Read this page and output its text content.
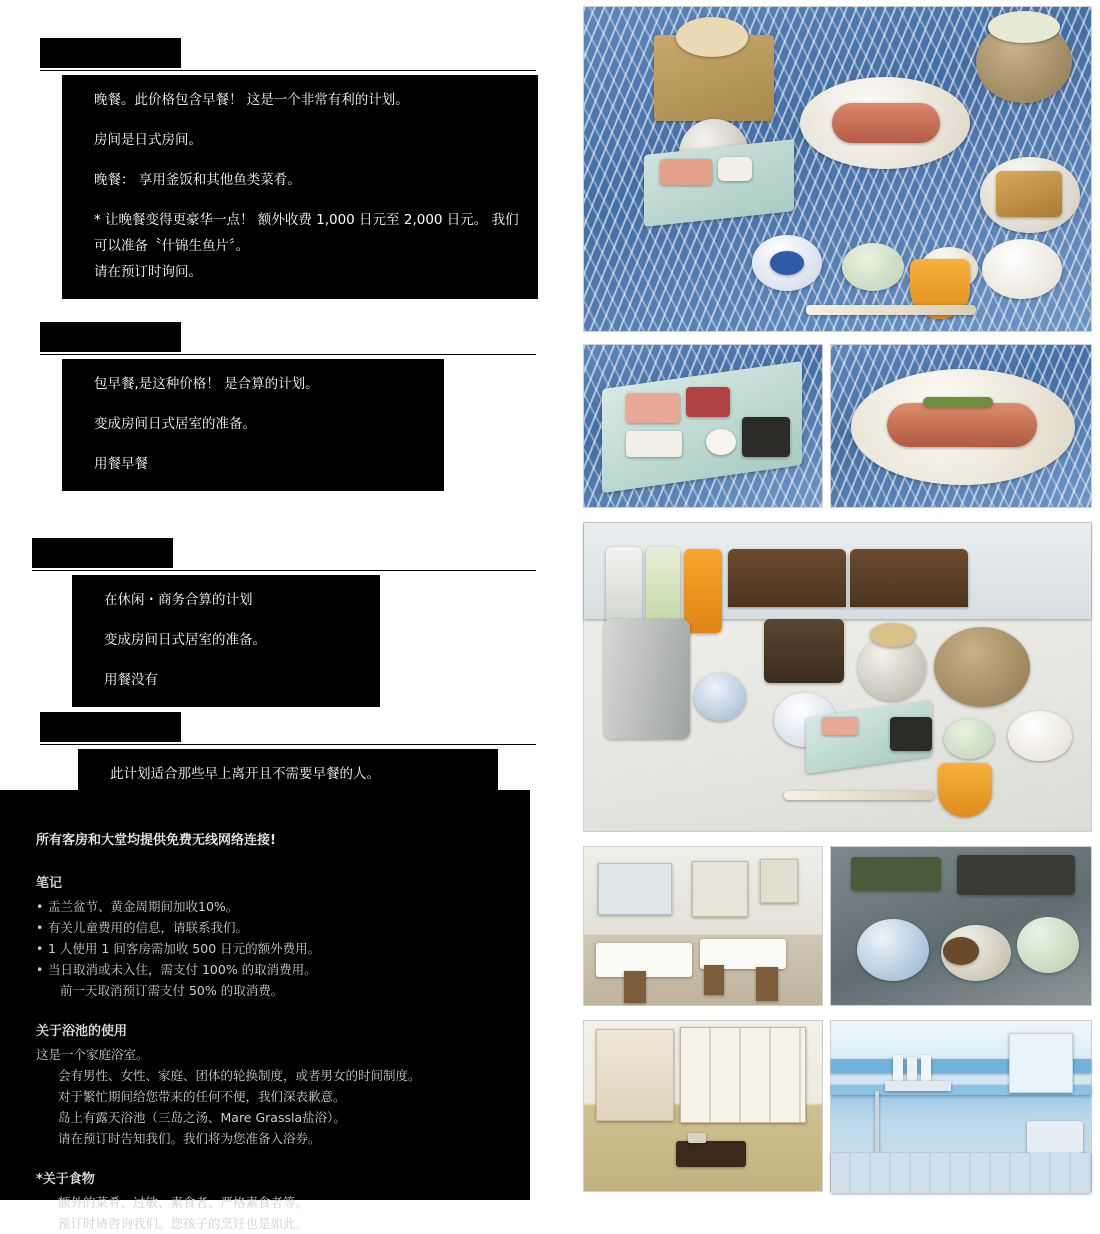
[计划标题被遮盖]

晚餐。此价格包含早餐！ 这是一个非常有利的计划。

房间是日式房间。

晚餐： 享用釜饭和其他鱼类菜肴。

* 让晚餐变得更豪华一点！ 额外收费 1,000 日元至 2,000 日元。 我们可以准备〝什锦生鱼片〞。

请在预订时询问。

[计划标题被遮盖]

包早餐,是这种价格！ 是合算的计划。

变成房间日式居室的准备。

用餐早餐

[计划标题被遮盖]

在休闲・商务合算的计划

变成房间日式居室的准备。

用餐没有

[计划标题被遮盖]

此计划适合那些早上离开且不需要早餐的人。

所有客房和大堂均提供免费无线网络连接!

笔记
• 盂兰盆节、黄金周期间加收10%。
• 有关儿童费用的信息，请联系我们。
• 1 人使用 1 间客房需加收 500 日元的额外费用。
• 当日取消或未入住，需支付 100% 的取消费用。
前一天取消预订需支付 50% 的取消费。
关于浴池的使用

这是一个家庭浴室。

会有男性、女性、家庭、团体的轮换制度，或者男女的时间制度。

对于繁忙期间给您带来的任何不便，我们深表歉意。

岛上有露天浴池（三岛之汤、Mare Grasslа盐浴）。

请在预订时告知我们。我们将为您准备入浴券。

*关于食物

额外的菜肴、过敏、素食者、严格素食者等。

预订时请咨询我们。您孩子的烹饪也是如此。
